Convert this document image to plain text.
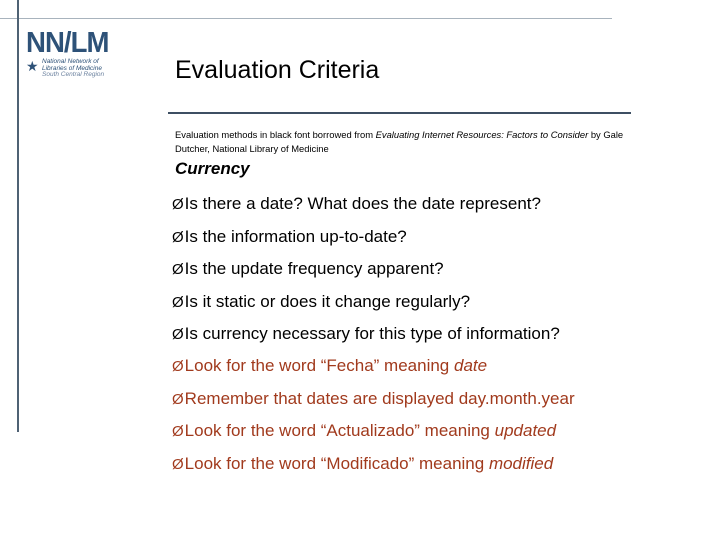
NN/LM
★ National Network of
Libraries of Medicine
South Central Region	Evaluation Criteria
Evaluation methods in black font borrowed from Evaluating Internet Resources: Factors to Consider by Gale Dutcher, National Library of Medicine
Currency
ØIs there a date? What does the date represent?
ØIs the information up-to-date?
ØIs the update frequency apparent?
ØIs it static or does it change regularly?
ØIs currency necessary for this type of information?
ØLook for the word “Fecha” meaning date
ØRemember that dates are displayed day.month.year
ØLook for the word “Actualizado” meaning updated
ØLook for the word “Modificado” meaning modified
